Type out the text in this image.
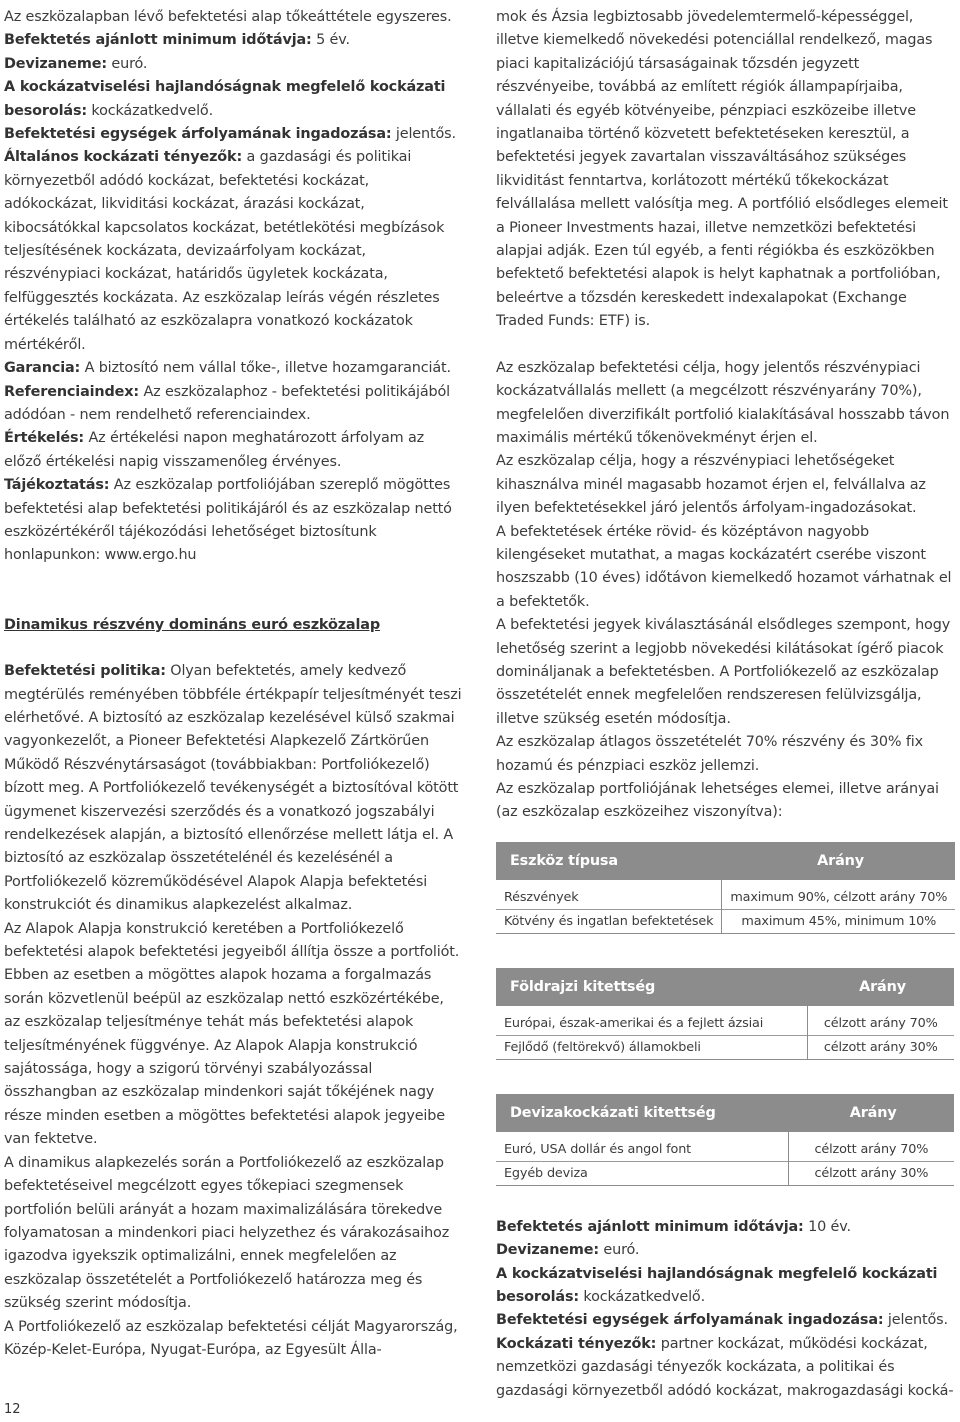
Az eszközalapban lévő befektetési alap tőkeáttétele egyszeres.

Befektetés ajánlott minimum időtávja: 5 év.

Devizaneme: euró.

A kockázatviselési hajlandóságnak megfelelő kockázati besorolás: kockázatkedvelő.

Befektetési egységek árfolyamának ingadozása: jelentős.

Általános kockázati tényezők: a gazdasági és politikai környezetből adódó kockázat, befektetési kockázat, adókockázat, likviditási kockázat, árazási kockázat, kibocsátókkal kapcsolatos kockázat, betétlekötési megbízások teljesítésének kockázata, devizaárfolyam kockázat, részvénypiaci kockázat, határidős ügyletek kockázata, felfüggesztés kockázata. Az eszközalap leírás végén részletes értékelés található az eszközalapra vonatkozó kockázatok mértékéről.

Garancia: A biztosító nem vállal tőke-, illetve hozamgaranciát.

Referenciaindex: Az eszközalaphoz - befektetési politikájából adódóan - nem rendelhető referenciaindex.

Értékelés: Az értékelési napon meghatározott árfolyam az előző értékelési napig visszamenőleg érvényes.

Tájékoztatás: Az eszközalap portfoliójában szereplő mögöttes befektetési alap befektetési politikájáról és az eszközalap nettó eszközértékéről tájékozódási lehetőséget biztosítunk honlapunkon: www.ergo.hu

Dinamikus részvény domináns euró eszközalap

Befektetési politika: Olyan befektetés, amely kedvező megtérülés reményében többféle értékpapír teljesítményét teszi elérhetővé. A biztosító az eszközalap kezelésével külső szakmai vagyonkezelőt, a Pioneer Befektetési Alapkezelő Zártkörűen Működő Részvénytársaságot (továbbiakban: Portfoliókezelő) bízott meg. A Portfoliókezelő tevékenységét a biztosítóval kötött ügymenet kiszervezési szerződés és a vonatkozó jogszabályi rendelkezések alapján, a biztosító ellenőrzése mellett látja el. A biztosító az eszközalap összetételénél és kezelésénél a Portfoliókezelő közreműködésével Alapok Alapja befektetési konstrukciót és dinamikus alapkezelést alkalmaz.

Az Alapok Alapja konstrukció keretében a Portfoliókezelő befektetési alapok befektetési jegyeiből állítja össze a portfoliót. Ebben az esetben a mögöttes alapok hozama a forgalmazás során közvetlenül beépül az eszközalap nettó eszközértékébe, az eszközalap teljesítménye tehát más befektetési alapok teljesítményének függvénye. Az Alapok Alapja konstrukció sajátossága, hogy a szigorú törvényi szabályozással összhangban az eszközalap mindenkori saját tőkéjének nagy része minden esetben a mögöttes befektetési alapok jegyeibe van fektetve.

A dinamikus alapkezelés során a Portfoliókezelő az eszközalap befektetéseivel megcélzott egyes tőkepiaci szegmensek portfolión belüli arányát a hozam maximalizálására törekedve folyamatosan a mindenkori piaci helyzethez és várakozásaihoz igazodva igyekszik optimalizálni, ennek megfelelően az eszközalap összetételét a Portfoliókezelő határozza meg és szükség szerint módosítja.

A Portfoliókezelő az eszközalap befektetési célját Magyarország, Közép-Kelet-Európa, Nyugat-Európa, az Egyesült Álla-

mok és Ázsia legbiztosabb jövedelemtermelő-képességgel, illetve kiemelkedő növekedési potenciállal rendelkező, magas piaci kapitalizációjú társaságainak tőzsdén jegyzett részvényeibe, továbbá az említett régiók állampapírjaiba, vállalati és egyéb kötvényeibe, pénzpiaci eszközeibe illetve ingatlanaiba történő közvetett befektetéseken keresztül, a befektetési jegyek zavartalan visszaváltásához szükséges likviditást fenntartva, korlátozott mértékű tőkekockázat felvállalása mellett valósítja meg. A portfólió elsődleges elemeit a Pioneer Investments hazai, illetve nemzetközi befektetési alapjai adják. Ezen túl egyéb, a fenti régiókba és eszközökben befektető befektetési alapok is helyt kaphatnak a portfolióban, beleértve a tőzsdén kereskedett indexalapokat (Exchange Traded Funds: ETF) is.

Az eszközalap befektetési célja, hogy jelentős részvénypiaci kockázatvállalás mellett (a megcélzott részvényarány 70%), megfelelően diverzifikált portfolió kialakításával hosszabb távon maximális mértékű tőkenövekményt érjen el.

Az eszközalap célja, hogy a részvénypiaci lehetőségeket kihasználva minél magasabb hozamot érjen el, felvállalva az ilyen befektetésekkel járó jelentős árfolyam-ingadozásokat.

A befektetések értéke rövid- és középtávon nagyobb kilengéseket mutathat, a magas kockázatért cserébe viszont hoszszabb (10 éves) időtávon kiemelkedő hozamot várhatnak el a befektetők.

A befektetési jegyek kiválasztásánál elsődleges szempont, hogy lehetőség szerint a legjobb növekedési kilátásokat ígérő piacok domináljanak a befektetésben. A Portfoliókezelő az eszközalap összetételét ennek megfelelően rendszeresen felülvizsgálja, illetve szükség esetén módosítja.

Az eszközalap átlagos összetételét 70% részvény és 30% fix hozamú és pénzpiaci eszköz jellemzi.

Az eszközalap portfoliójának lehetséges elemei, illetve arányai (az eszközalap eszközeihez viszonyítva):

Eszköz típusa	Arány
Részvények	maximum 90%, célzott arány 70%
Kötvény és ingatlan befektetések	maximum 45%, minimum 10%
Földrajzi kitettség	Arány
Európai, észak-amerikai és a fejlett ázsiai	célzott arány 70%
Fejlődő (feltörekvő) államokbeli	célzott arány 30%
Devizakockázati kitettség	Arány
Euró, USA dollár és angol font	célzott arány 70%
Egyéb deviza	célzott arány 30%

Befektetés ajánlott minimum időtávja: 10 év.

Devizaneme: euró.

A kockázatviselési hajlandóságnak megfelelő kockázati besorolás: kockázatkedvelő.

Befektetési egységek árfolyamának ingadozása: jelentős.

Kockázati tényezők: partner kockázat, működési kockázat, nemzetközi gazdasági tényezők kockázata, a politikai és gazdasági környezetből adódó kockázat, makrogazdasági kocká-

12
